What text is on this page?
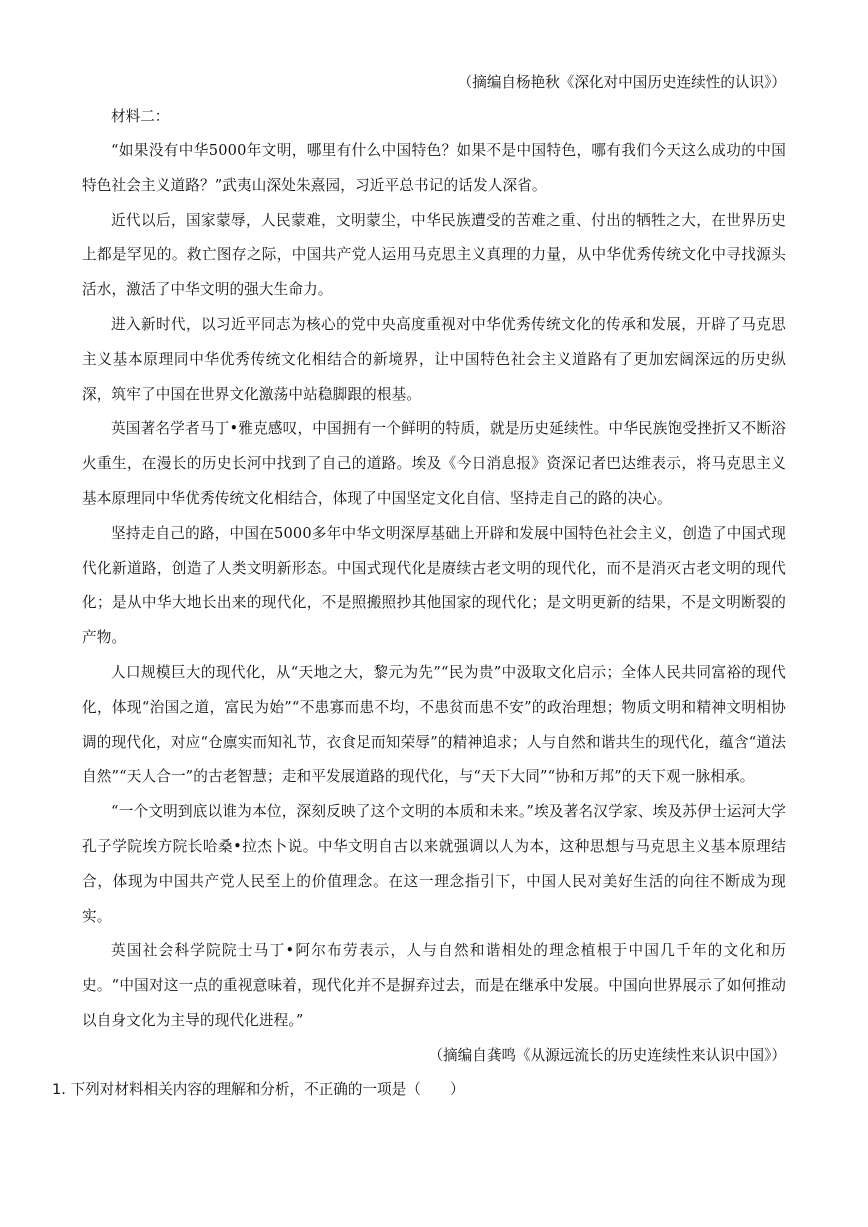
（摘编自杨艳秋《深化对中国历史连续性的认识》）
材料二：

“如果没有中华5000年文明，哪里有什么中国特色？如果不是中国特色，哪有我们今天这么成功的中国特色社会主义道路？”武夷山深处朱熹园，习近平总书记的话发人深省。

近代以后，国家蒙辱，人民蒙难，文明蒙尘，中华民族遭受的苦难之重、付出的牺牲之大，在世界历史上都是罕见的。救亡图存之际，中国共产党人运用马克思主义真理的力量，从中华优秀传统文化中寻找源头活水，激活了中华文明的强大生命力。

进入新时代，以习近平同志为核心的党中央高度重视对中华优秀传统文化的传承和发展，开辟了马克思主义基本原理同中华优秀传统文化相结合的新境界，让中国特色社会主义道路有了更加宏阔深远的历史纵深，筑牢了中国在世界文化激荡中站稳脚跟的根基。

英国著名学者马丁•雅克感叹，中国拥有一个鲜明的特质，就是历史延续性。中华民族饱受挫折又不断浴火重生，在漫长的历史长河中找到了自己的道路。埃及《今日消息报》资深记者巴达维表示，将马克思主义基本原理同中华优秀传统文化相结合，体现了中国坚定文化自信、坚持走自己的路的决心。

坚持走自己的路，中国在5000多年中华文明深厚基础上开辟和发展中国特色社会主义，创造了中国式现代化新道路，创造了人类文明新形态。中国式现代化是赓续古老文明的现代化，而不是消灭古老文明的现代化；是从中华大地长出来的现代化，不是照搬照抄其他国家的现代化；是文明更新的结果，不是文明断裂的产物。

人口规模巨大的现代化，从“天地之大，黎元为先”“民为贵”中汲取文化启示；全体人民共同富裕的现代化，体现“治国之道，富民为始”“不患寡而患不均，不患贫而患不安”的政治理想；物质文明和精神文明相协调的现代化，对应“仓廪实而知礼节，衣食足而知荣辱”的精神追求；人与自然和谐共生的现代化，蕴含“道法自然”“天人合一”的古老智慧；走和平发展道路的现代化，与“天下大同”“协和万邦”的天下观一脉相承。

“一个文明到底以谁为本位，深刻反映了这个文明的本质和未来。”埃及著名汉学家、埃及苏伊士运河大学孔子学院埃方院长哈桑•拉杰卜说。中华文明自古以来就强调以人为本，这种思想与马克思主义基本原理结合，体现为中国共产党人民至上的价值理念。在这一理念指引下，中国人民对美好生活的向往不断成为现实。

英国社会科学院院士马丁•阿尔布劳表示，人与自然和谐相处的理念植根于中国几千年的文化和历史。“中国对这一点的重视意味着，现代化并不是摒弃过去，而是在继承中发展。中国向世界展示了如何推动以自身文化为主导的现代化进程。”

（摘编自龚鸣《从源远流长的历史连续性来认识中国》）
1. 下列对材料相关内容的理解和分析，不正确的一项是（　　）
